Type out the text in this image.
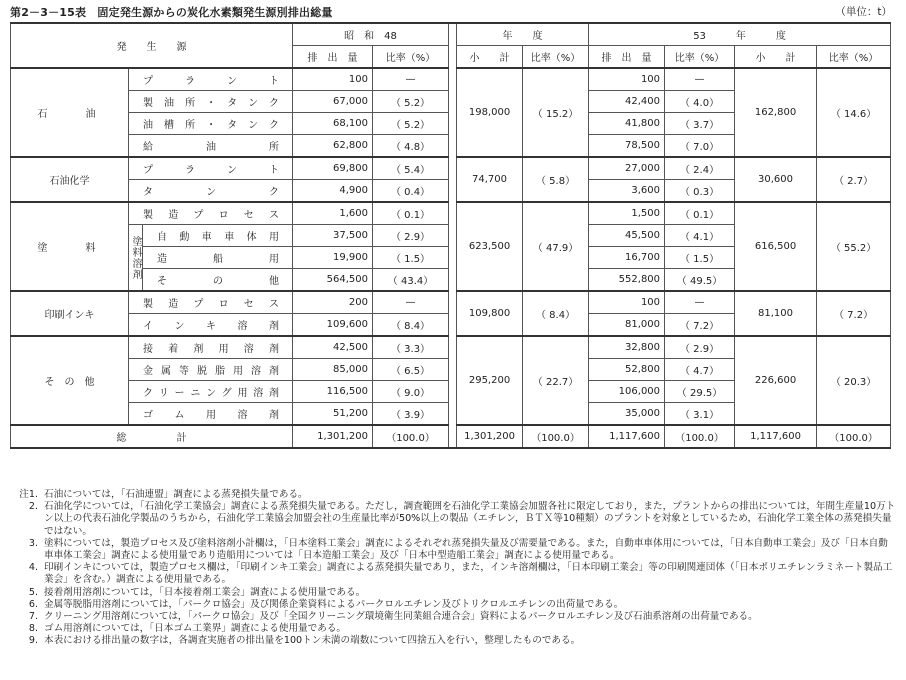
第2－3－15表　固定発生源からの炭化水素類発生源別排出総量	（単位：t）
発　　生　　源			昭　和　48			年　　度		53　　　年　　　度			
			排　出　量	比率（%）		小　　計	比率（%）	排　出　量	比率（%）	小　　計	比率（%）
石　　油	プラント		100	—		198,000	（ 15.2）	100	—	162,800	（ 14.6）
	製油所・タンク		67,000	（ 5.2）				42,400	（ 4.0）		
	油槽所・タンク		68,100	（ 5.2）				41,800	（ 3.7）		
	給油所		62,800	（ 4.8）				78,500	（ 7.0）		
石油化学	プラント		69,800	（ 5.4）		74,700	（ 5.8）	27,000	（ 2.4）	30,600	（ 2.7）
	タンク		4,900	（ 0.4）				3,600	（ 0.3）		
塗　　料	製造プロセス		1,600	（ 0.1）		623,500	（ 47.9）	1,500	（ 0.1）	616,500	（ 55.2）
	塗料溶剤	自動車車体用	37,500	（ 2.9）				45,500	（ 4.1）		
		造船用	19,900	（ 1.5）				16,700	（ 1.5）		
		その他	564,500	（ 43.4）				552,800	（ 49.5）		
印刷インキ	製造プロセス		200	—		109,800	（ 8.4）	100	—	81,100	（ 7.2）
	インキ溶剤		109,600	（ 8.4）				81,000	（ 7.2）		
そ　の　他	接着剤用溶剤		42,500	（ 3.3）		295,200	（ 22.7）	32,800	（ 2.9）	226,600	（ 20.3）
	金属等脱脂用溶剤		85,000	（ 6.5）				52,800	（ 4.7）		
	クリーニング用溶剤		116,500	（ 9.0）				106,000	（ 29.5）		
	ゴム用溶剤		51,200	（ 3.9）				35,000	（ 3.1）		
総　　　　　計			1,301,200	（100.0）		1,301,200	（100.0）	1,117,600	（100.0）	1,117,600	（100.0）
注1. 石油については，「石油連盟」調査による蒸発損失量である。
2. 石油化学については，「石油化学工業協会」調査による蒸発損失量である。ただし，調査範囲を石油化学工業協会加盟各社に限定しており，また，プラントからの排出については，年間生産量10万トン以上の代表石油化学製品のうちから，石油化学工業協会加盟会社の生産量比率が50%以上の製品（エチレン，ＢＴＸ等10種類）のプラントを対象としているため，石油化学工業全体の蒸発損失量ではない。
3. 塗料については，製造プロセス及び塗料溶剤小計欄は，「日本塗料工業会」調査によるそれぞれ蒸発損失量及び需要量である。また，自動車車体用については，「日本自動車工業会」及び「日本自動車車体工業会」調査による使用量であり造船用については「日本造船工業会」及び「日本中型造船工業会」調査による使用量である。
4. 印刷インキについては，製造プロセス欄は，「印刷インキ工業会」調査による蒸発損失量であり，また，インキ溶剤欄は，「日本印刷工業会」等の印刷関連団体（「日本ポリエチレンラミネート製品工業会」を含む。）調査による使用量である。
5. 接着剤用溶剤については，「日本接着剤工業会」調査による使用量である。
6. 金属等脱脂用溶剤については，「パークロ協会」及び関係企業資料によるパークロルエチレン及びトリクロルエチレンの出荷量である。
7. クリーニング用溶剤については，「パークロ協会」及び「全国クリーニング環境衛生同業組合連合会」資料によるパークロルエチレン及び石油系溶剤の出荷量である。
8. ゴム用溶剤については，「日本ゴム工業界」調査による使用量である。
9. 本表における排出量の数字は，各調査実施者の排出量を100トン未満の端数について四捨五入を行い，整理したものである。
